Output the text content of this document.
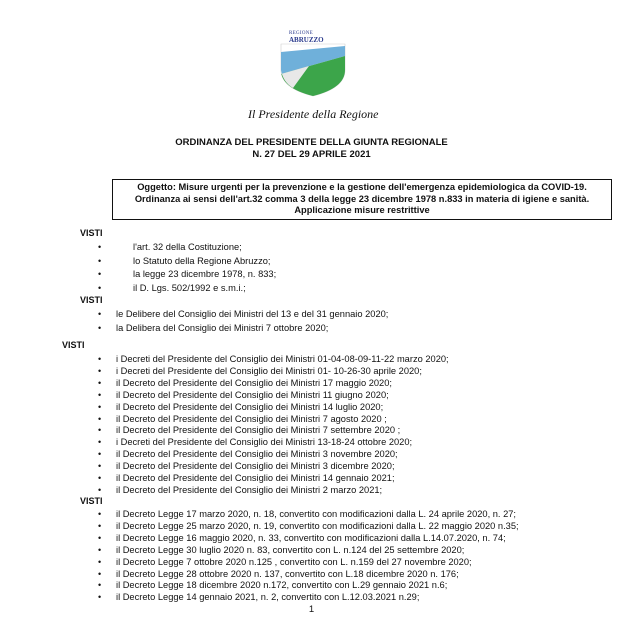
REGIONE
ABRUZZO
Il Presidente della Regione
ORDINANZA DEL PRESIDENTE DELLA GIUNTA REGIONALE
N. 27 DEL 29 APRILE 2021
Oggetto: Misure urgenti per la prevenzione e la gestione dell'emergenza epidemiologica da COVID-19.
Ordinanza ai sensi dell'art.32 comma 3 della legge 23 dicembre 1978 n.833 in materia di igiene e sanità.
Applicazione misure restrittive
VISTI
•	l'art. 32 della Costituzione;
•	lo Statuto della Regione Abruzzo;
•	la legge 23 dicembre 1978, n. 833;
•	il D. Lgs. 502/1992 e s.m.i.;
VISTI
• le Delibere del Consiglio dei Ministri del 13 e del 31 gennaio 2020;
• la Delibera del Consiglio dei Ministri 7 ottobre 2020;
VISTI
• i Decreti del Presidente del Consiglio dei Ministri 01-04-08-09-11-22 marzo 2020;
• i Decreti del Presidente del Consiglio dei Ministri 01- 10-26-30 aprile 2020;
• il Decreto del Presidente del Consiglio dei Ministri 17 maggio 2020;
• il Decreto del Presidente del Consiglio dei Ministri 11 giugno 2020;
• il Decreto del Presidente del Consiglio dei Ministri 14 luglio 2020;
• il Decreto del Presidente del Consiglio dei Ministri 7 agosto 2020 ;
• il Decreto del Presidente del Consiglio dei Ministri 7 settembre 2020 ;
• i Decreti del Presidente del Consiglio dei Ministri 13-18-24 ottobre 2020;
• il Decreto del Presidente del Consiglio dei Ministri 3 novembre 2020;
• il Decreto del Presidente del Consiglio dei Ministri 3 dicembre 2020;
• il Decreto del Presidente del Consiglio dei Ministri 14 gennaio 2021;
• il Decreto del Presidente del Consiglio dei Ministri 2 marzo 2021;
VISTI
• il Decreto Legge 17 marzo 2020, n. 18, convertito con modificazioni dalla L. 24 aprile 2020, n. 27;
• il Decreto Legge 25 marzo 2020, n. 19, convertito con modificazioni dalla L. 22 maggio 2020 n.35;
• il Decreto Legge 16 maggio 2020, n. 33, convertito con modificazioni dalla L.14.07.2020, n. 74;
• il Decreto Legge 30 luglio 2020 n. 83, convertito con L. n.124 del 25 settembre 2020;
• il Decreto Legge 7 ottobre 2020 n.125 , convertito con L. n.159 del 27 novembre 2020;
• il Decreto Legge 28 ottobre 2020 n. 137, convertito con L.18 dicembre 2020 n. 176;
• il Decreto Legge 18 dicembre 2020 n.172, convertito con L.29 gennaio 2021 n.6;
• il Decreto Legge 14 gennaio 2021, n. 2, convertito con L.12.03.2021 n.29;
1
